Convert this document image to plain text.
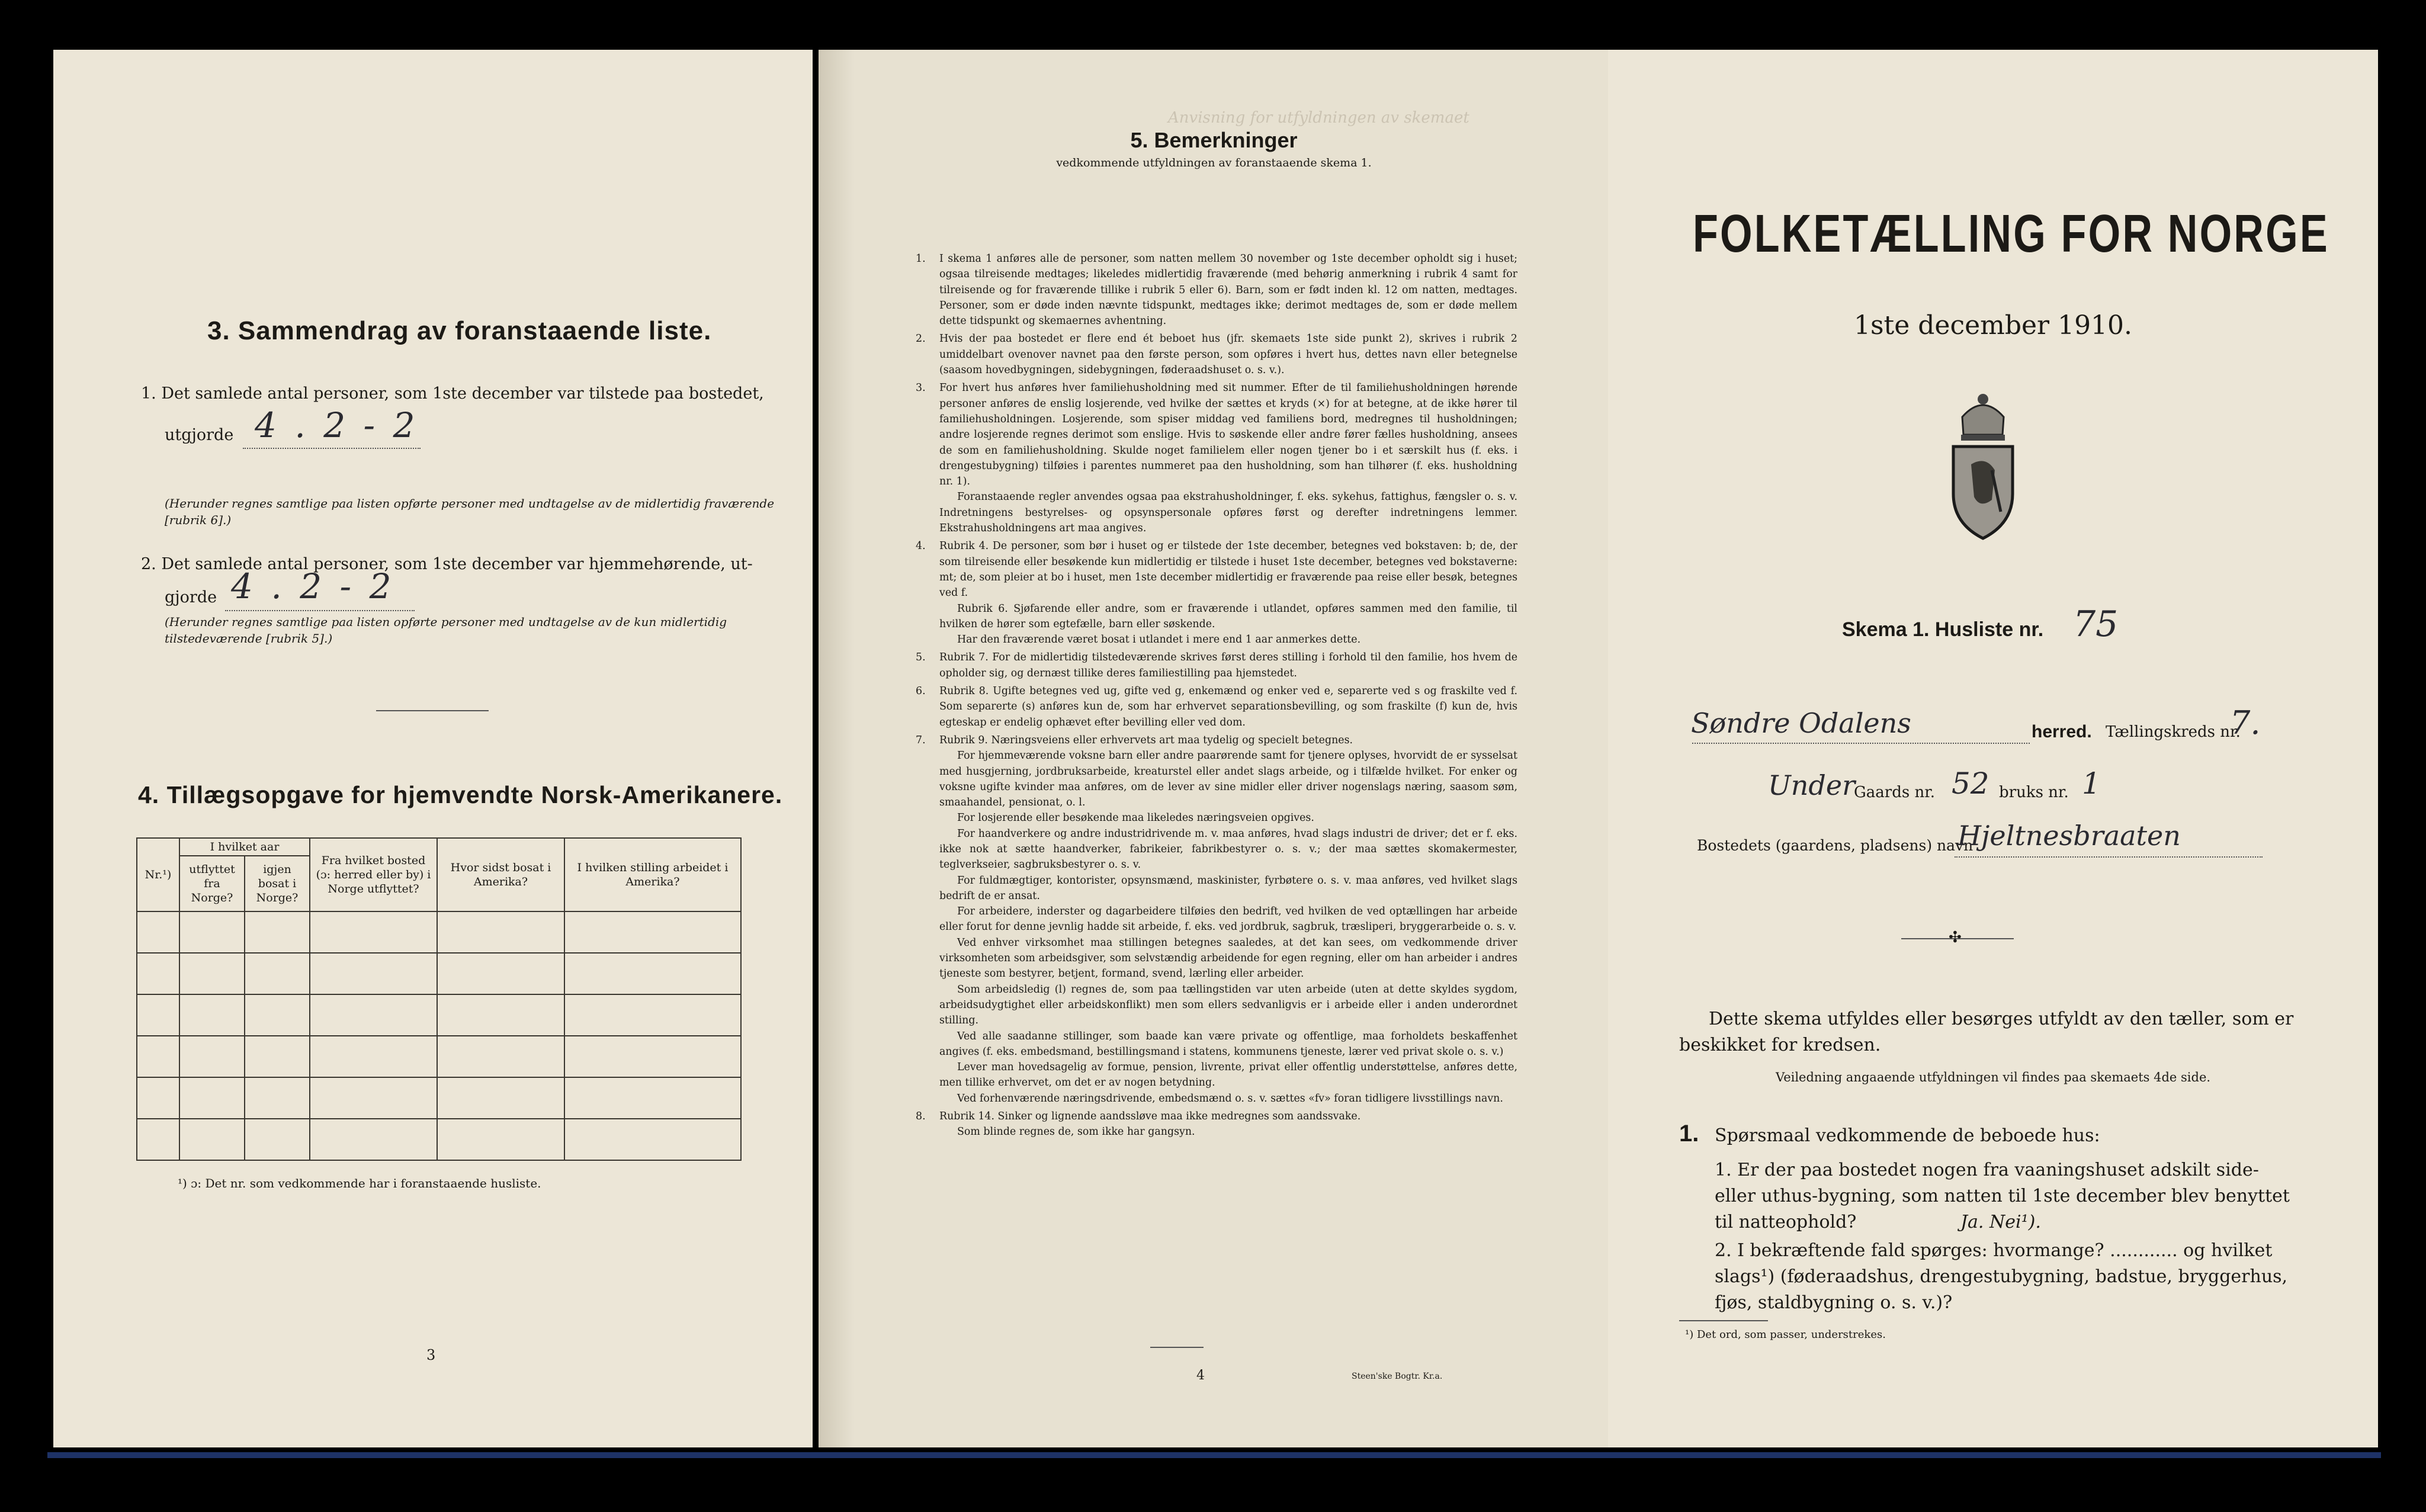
3. Sammendrag av foranstaaende liste.
1. Det samlede antal personer, som 1ste december var tilstede paa bostedet,
utgjorde 4 . 2 - 2
(Herunder regnes samtlige paa listen opførte personer med undtagelse av de midlertidig fraværende [rubrik 6].)
2. Det samlede antal personer, som 1ste december var hjemmehørende, ut-
gjorde 4 . 2 - 2
(Herunder regnes samtlige paa listen opførte personer med undtagelse av de kun midlertidig tilstedeværende [rubrik 5].)
4. Tillægsopgave for hjemvendte Norsk-Amerikanere.
Nr.¹)	I hvilket aar		Fra hvilket bosted (ɔ: herred eller by) i Norge utflyttet?	Hvor sidst bosat i Amerika?	I hvilken stilling arbeidet i Amerika?
	utflyttet fra Norge?	igjen bosat i Norge?			

¹) ɔ: Det nr. som vedkommende har i foranstaaende husliste.
3
Anvisning for utfyldningen av skemaet
5. Bemerkninger
vedkommende utfyldningen av foranstaaende skema 1.
1. I skema 1 anføres alle de personer, som natten mellem 30 november og 1ste december opholdt sig i huset; ogsaa tilreisende medtages; likeledes midlertidig fraværende (med behørig anmerkning i rubrik 4 samt for tilreisende og for fraværende tillike i rubrik 5 eller 6). Barn, som er født inden kl. 12 om natten, medtages. Personer, som er døde inden nævnte tidspunkt, medtages ikke; derimot medtages de, som er døde mellem dette tidspunkt og skemaernes avhentning.

2. Hvis der paa bostedet er flere end ét beboet hus (jfr. skemaets 1ste side punkt 2), skrives i rubrik 2 umiddelbart ovenover navnet paa den første person, som opføres i hvert hus, dettes navn eller betegnelse (saasom hovedbygningen, sidebygningen, føderaadshuset o. s. v.).

3. For hvert hus anføres hver familiehusholdning med sit nummer. Efter de til familiehusholdningen hørende personer anføres de enslig losjerende, ved hvilke der sættes et kryds (×) for at betegne, at de ikke hører til familiehusholdningen. Losjerende, som spiser middag ved familiens bord, medregnes til husholdningen; andre losjerende regnes derimot som enslige. Hvis to søskende eller andre fører fælles husholdning, ansees de som en familiehusholdning. Skulde noget familielem eller nogen tjener bo i et særskilt hus (f. eks. i drengestubygning) tilføies i parentes nummeret paa den husholdning, som han tilhører (f. eks. husholdning nr. 1).

Foranstaaende regler anvendes ogsaa paa ekstrahusholdninger, f. eks. sykehus, fattighus, fængsler o. s. v. Indretningens bestyrelses- og opsynspersonale opføres først og derefter indretningens lemmer. Ekstrahusholdningens art maa angives.

4. Rubrik 4. De personer, som bør i huset og er tilstede der 1ste december, betegnes ved bokstaven: b; de, der som tilreisende eller besøkende kun midlertidig er tilstede i huset 1ste december, betegnes ved bokstaverne: mt; de, som pleier at bo i huset, men 1ste december midlertidig er fraværende paa reise eller besøk, betegnes ved f.

Rubrik 6. Sjøfarende eller andre, som er fraværende i utlandet, opføres sammen med den familie, til hvilken de hører som egtefælle, barn eller søskende.

Har den fraværende været bosat i utlandet i mere end 1 aar anmerkes dette.

5. Rubrik 7. For de midlertidig tilstedeværende skrives først deres stilling i forhold til den familie, hos hvem de opholder sig, og dernæst tillike deres familiestilling paa hjemstedet.

6. Rubrik 8. Ugifte betegnes ved ug, gifte ved g, enkemænd og enker ved e, separerte ved s og fraskilte ved f. Som separerte (s) anføres kun de, som har erhvervet separationsbevilling, og som fraskilte (f) kun de, hvis egteskap er endelig ophævet efter bevilling eller ved dom.

7. Rubrik 9. Næringsveiens eller erhvervets art maa tydelig og specielt betegnes.

For hjemmeværende voksne barn eller andre paarørende samt for tjenere oplyses, hvorvidt de er sysselsat med husgjerning, jordbruksarbeide, kreaturstel eller andet slags arbeide, og i tilfælde hvilket. For enker og voksne ugifte kvinder maa anføres, om de lever av sine midler eller driver nogenslags næring, saasom søm, smaahandel, pensionat, o. l.

For losjerende eller besøkende maa likeledes næringsveien opgives.

For haandverkere og andre industridrivende m. v. maa anføres, hvad slags industri de driver; det er f. eks. ikke nok at sætte haandverker, fabrikeier, fabrikbestyrer o. s. v.; der maa sættes skomakermester, teglverkseier, sagbruksbestyrer o. s. v.

For fuldmægtiger, kontorister, opsynsmænd, maskinister, fyrbøtere o. s. v. maa anføres, ved hvilket slags bedrift de er ansat.

For arbeidere, inderster og dagarbeidere tilføies den bedrift, ved hvilken de ved optællingen har arbeide eller forut for denne jevnlig hadde sit arbeide, f. eks. ved jordbruk, sagbruk, træsliperi, bryggerarbeide o. s. v.

Ved enhver virksomhet maa stillingen betegnes saaledes, at det kan sees, om vedkommende driver virksomheten som arbeidsgiver, som selvstændig arbeidende for egen regning, eller om han arbeider i andres tjeneste som bestyrer, betjent, formand, svend, lærling eller arbeider.

Som arbeidsledig (l) regnes de, som paa tællingstiden var uten arbeide (uten at dette skyldes sygdom, arbeidsudygtighet eller arbeidskonflikt) men som ellers sedvanligvis er i arbeide eller i anden underordnet stilling.

Ved alle saadanne stillinger, som baade kan være private og offentlige, maa forholdets beskaffenhet angives (f. eks. embedsmand, bestillingsmand i statens, kommunens tjeneste, lærer ved privat skole o. s. v.)

Lever man hovedsagelig av formue, pension, livrente, privat eller offentlig understøttelse, anføres dette, men tillike erhvervet, om det er av nogen betydning.

Ved forhenværende næringsdrivende, embedsmænd o. s. v. sættes «fv» foran tidligere livsstillings navn.

8. Rubrik 14. Sinker og lignende aandssløve maa ikke medregnes som aandssvake.

Som blinde regnes de, som ikke har gangsyn.

4	Steen'ske Bogtr. Kr.a.
FOLKETÆLLING FOR NORGE
1ste december 1910.
Skema 1. Husliste nr. 75
Søndre Odalens	herred. Tællingskreds nr.
7.
Under
Gaards nr. 52 bruks nr. 1
Bostedets (gaardens, pladsens) navn
Hjeltnesbraaten
✣
Dette skema utfyldes eller besørges utfyldt av den tæller, som er beskikket for kredsen.
Veiledning angaaende utfyldningen vil findes paa skemaets 4de side.
1. Spørsmaal vedkommende de beboede hus:
1. Er der paa bostedet nogen fra vaaningshuset adskilt side- eller uthus-bygning, som natten til 1ste december blev benyttet til natteophold?	Ja. Nei¹).
2. I bekræftende fald spørges: hvormange? ............ og hvilket slags¹) (føderaadshus, drengestubygning, badstue, bryggerhus, fjøs, staldbygning o. s. v.)?
¹) Det ord, som passer, understrekes.
